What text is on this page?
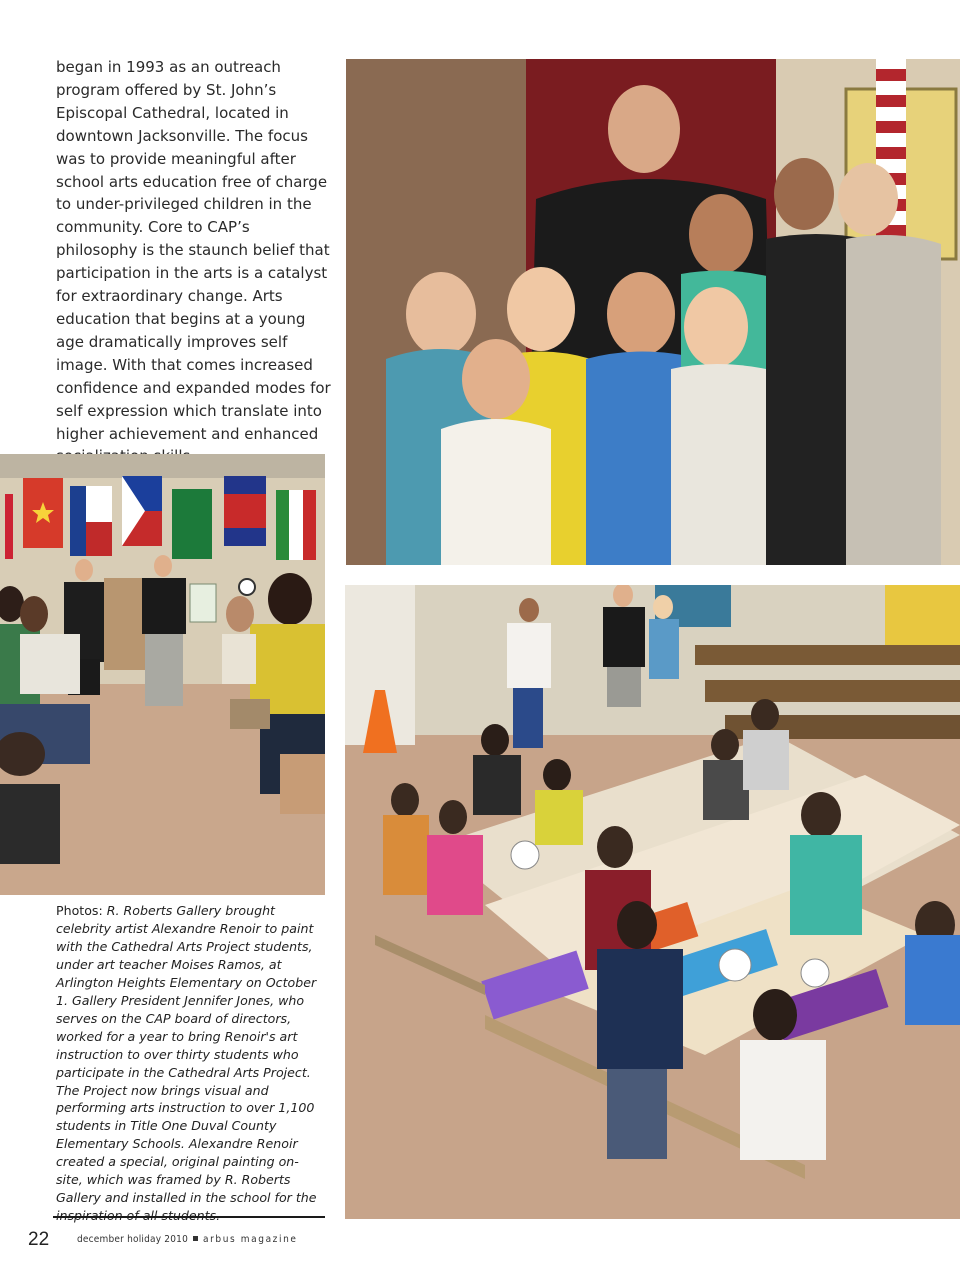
began in 1993 as an outreach program offered by St. John’s Episcopal Cathedral, located in downtown Jacksonville. The focus was to provide meaningful after school arts education free of charge to under-privileged children in the community. Core to CAP’s philosophy is the staunch belief that participation in the arts is a catalyst for extraordinary change. Arts education that begins at a young age dramatically improves self image. With that comes increased confidence and expanded modes for self expression which translate into higher achievement and enhanced

Photos: R. Roberts Gallery brought celebrity artist Alexandre Renoir to paint with the Cathedral Arts Project students, under art teacher Moises Ramos, at Arlington Heights Elementary on October 1. Gallery President Jennifer Jones, who serves on the CAP board of directors, worked for a year to bring Renoir's art instruction to over thirty students who participate in the Cathedral Arts Project. The Project now brings visual and performing arts instruction to over 1,100 students in Title One Duval County Elementary Schools. Alexandre Renoir created a special, original painting on-site, which was framed by R. Roberts Gallery and installed in the school for the
22	december holiday 2010 arbus magazine
